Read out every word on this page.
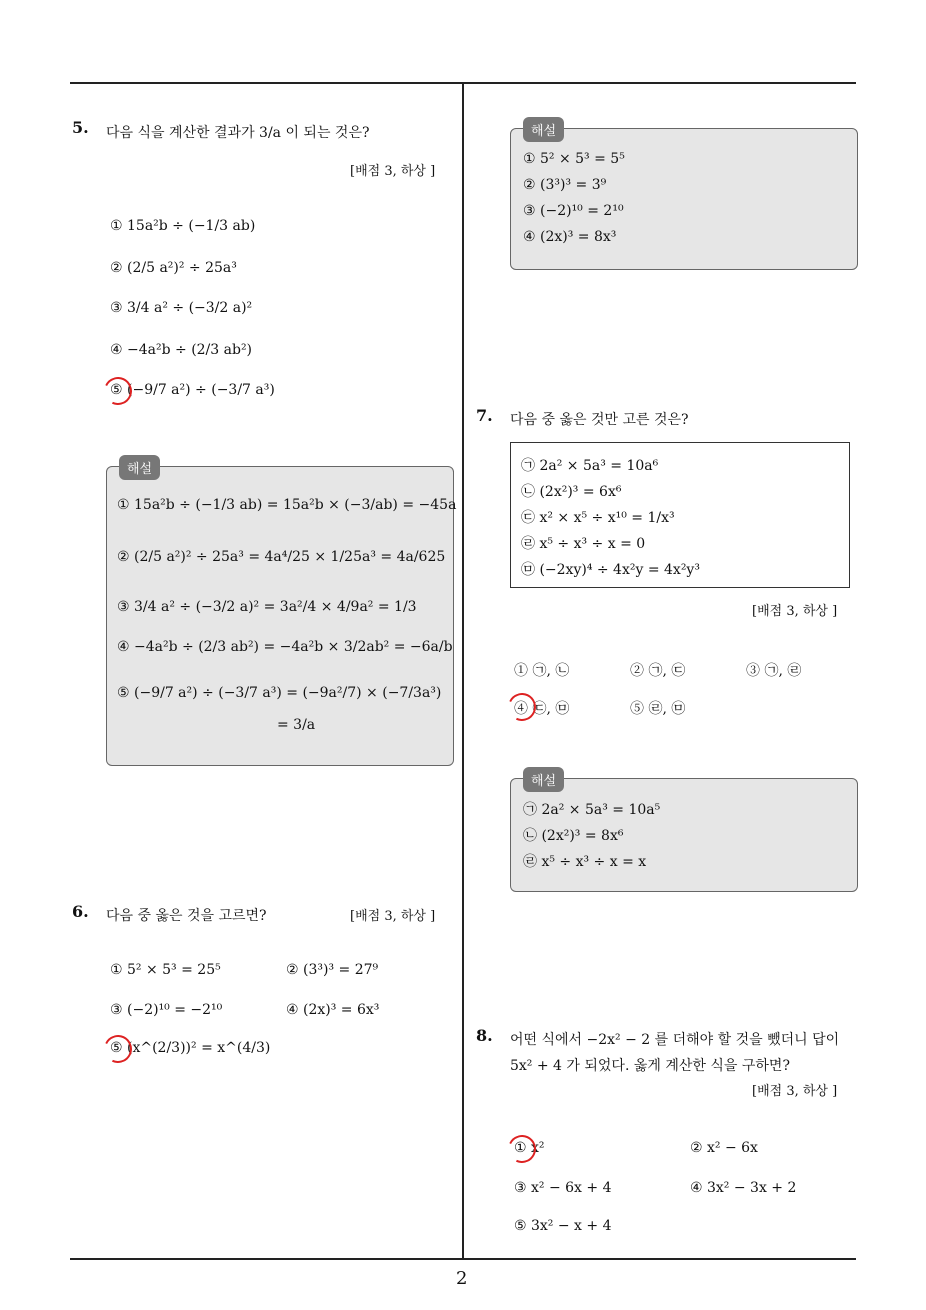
5. 다음 식을 계산한 결과가 3/a 이 되는 것은?
[배점 3, 하상 ]
① 15a²b ÷ (−1/3 ab)
② (2/5 a²)² ÷ 25a³
③ 3/4 a² ÷ (−3/2 a)²
④ −4a²b ÷ (2/3 ab²)
⑤ (−9/7 a²) ÷ (−3/7 a³)
해설
① 15a²b ÷ (−1/3 ab) = 15a²b × (−3/ab) = −45a
② (2/5 a²)² ÷ 25a³ = 4a⁴/25 × 1/25a³ = 4a/625
③ 3/4 a² ÷ (−3/2 a)² = 3a²/4 × 4/9a² = 1/3
④ −4a²b ÷ (2/3 ab²) = −4a²b × 3/2ab² = −6a/b
⑤ (−9/7 a²) ÷ (−3/7 a³) = (−9a²/7) × (−7/3a³)
= 3/a
6. 다음 중 옳은 것을 고르면?	[배점 3, 하상 ]
① 5² × 5³ = 25⁵	② (3³)³ = 27⁹
③ (−2)¹⁰ = −2¹⁰	④ (2x)³ = 6x³
⑤ (x^(2/3))² = x^(4/3)
해설
① 5² × 5³ = 5⁵
② (3³)³ = 3⁹
③ (−2)¹⁰ = 2¹⁰
④ (2x)³ = 8x³
7. 다음 중 옳은 것만 고른 것은?
㉠ 2a² × 5a³ = 10a⁶
㉡ (2x²)³ = 6x⁶
㉢ x² × x⁵ ÷ x¹⁰ = 1/x³
㉣ x⁵ ÷ x³ ÷ x = 0
㉤ (−2xy)⁴ ÷ 4x²y = 4x²y³
[배점 3, 하상 ]
① ㉠, ㉡	② ㉠, ㉢	③ ㉠, ㉣
④ ㉢, ㉤	⑤ ㉣, ㉤
해설
㉠ 2a² × 5a³ = 10a⁵
㉡ (2x²)³ = 8x⁶
㉣ x⁵ ÷ x³ ÷ x = x
8. 어떤 식에서 −2x² − 2 를 더해야 할 것을 뺐더니 답이
5x² + 4 가 되었다. 옳게 계산한 식을 구하면?
[배점 3, 하상 ]
① x²	② x² − 6x
③ x² − 6x + 4	④ 3x² − 3x + 2
⑤ 3x² − x + 4
2
